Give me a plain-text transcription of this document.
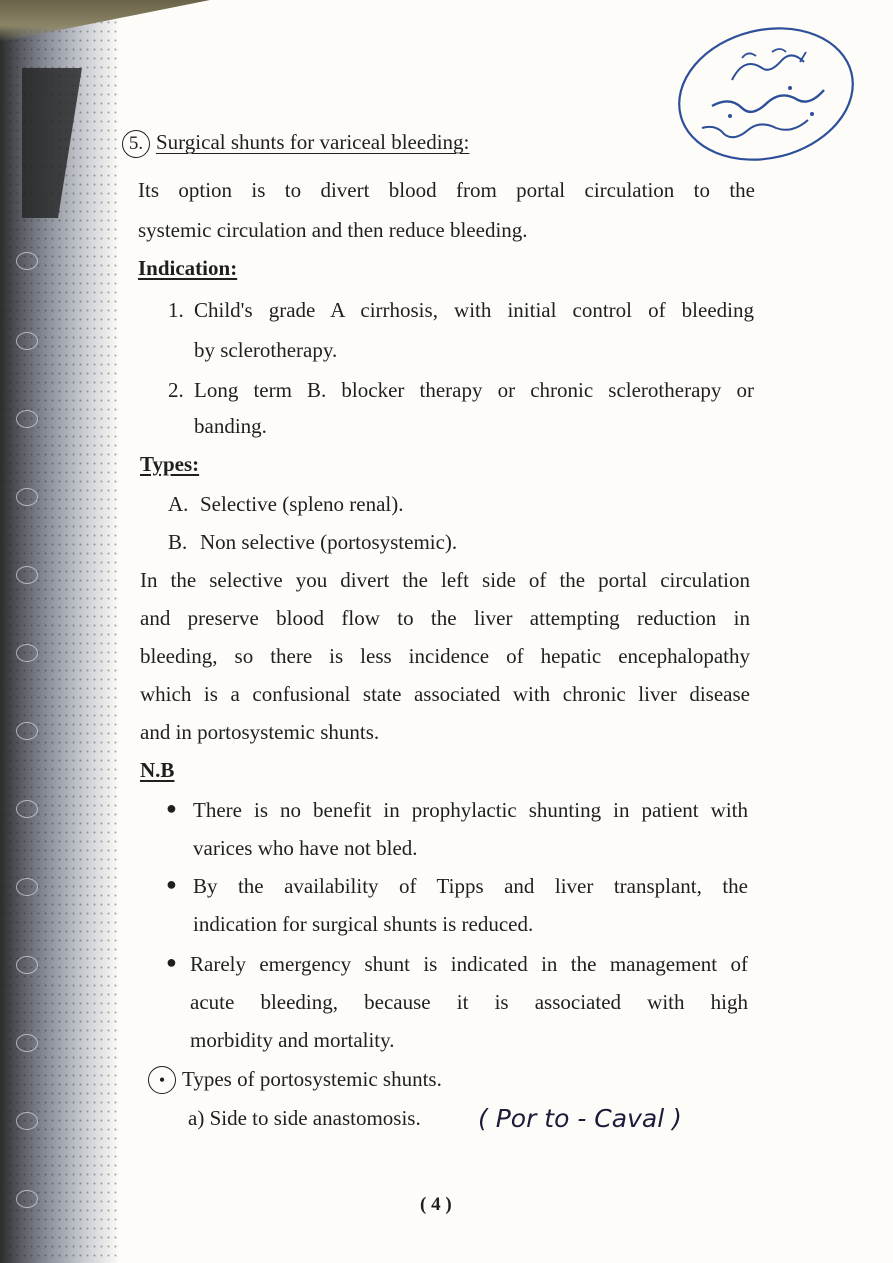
5. Surgical shunts for variceal bleeding:

Its option is to divert blood from portal circulation to the

systemic circulation and then reduce bleeding.

Indication:

1. Child's grade A cirrhosis, with initial control of bleeding

by sclerotherapy.

2. Long term B. blocker therapy or chronic sclerotherapy or

banding.

Types:

A. Selective (spleno renal).

B. Non selective (portosystemic).

In the selective you divert the left side of the portal circulation

and preserve blood flow to the liver attempting reduction in

bleeding, so there is less incidence of hepatic encephalopathy

which is a confusional state associated with chronic liver disease

and in portosystemic shunts.

N.B

● There is no benefit in prophylactic shunting in patient with

varices who have not bled.

● By the availability of Tipps and liver transplant, the

indication for surgical shunts is reduced.

● Rarely emergency shunt is indicated in the management of

acute bleeding, because it is associated with high

morbidity and mortality.

• Types of portosystemic shunts.

a) Side to side anastomosis. ( Por to - Caval )
( 4 )
